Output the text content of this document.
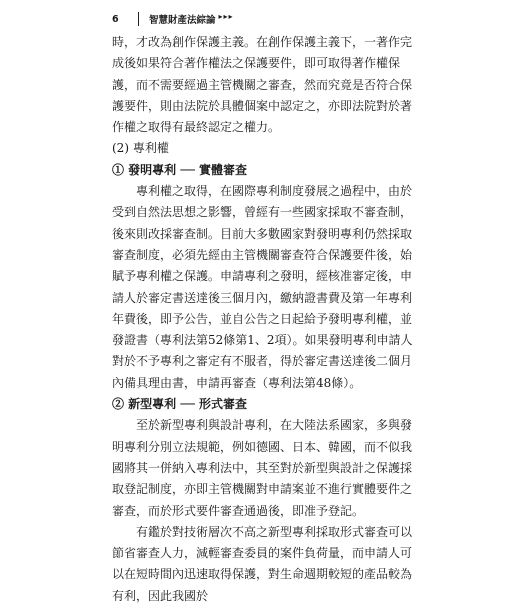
6	智慧財產法綜論 ▸▸▸

時，才改為創作保護主義。在創作保護主義下，一著作完成後如果符合著作權法之保護要件，即可取得著作權保護，而不需要經過主管機關之審查，然而究竟是否符合保護要件，則由法院於具體個案中認定之，亦即法院對於著作權之取得有最終認定之權力。

(2) 專利權

① 發明專利 ── 實體審查

專利權之取得，在國際專利制度發展之過程中，由於受到自然法思想之影響，曾經有一些國家採取不審查制，後來則改採審查制。目前大多數國家對發明專利仍然採取審查制度，必須先經由主管機關審查符合保護要件後，始賦予專利權之保護。申請專利之發明，經核准審定後，申請人於審定書送達後三個月內，繳納證書費及第一年專利年費後，即予公告，並自公告之日起給予發明專利權，並發證書（專利法第52條第1、2項）。如果發明專利申請人對於不予專利之審定有不服者，得於審定書送達後二個月內備具理由書，申請再審查（專利法第48條）。

② 新型專利 ── 形式審查

至於新型專利與設計專利，在大陸法系國家，多與發明專利分別立法規範，例如德國、日本、韓國，而不似我國將其一併納入專利法中，其至對於新型與設計之保護採取登記制度，亦即主管機關對申請案並不進行實體要件之審查，而於形式要件審查通過後，即准予登記。

有鑑於對技術層次不高之新型專利採取形式審查可以節省審查人力，減輕審查委員的案件負荷量，而申請人可以在短時間內迅速取得保護，對生命週期較短的產品較為有利，因此我國於
